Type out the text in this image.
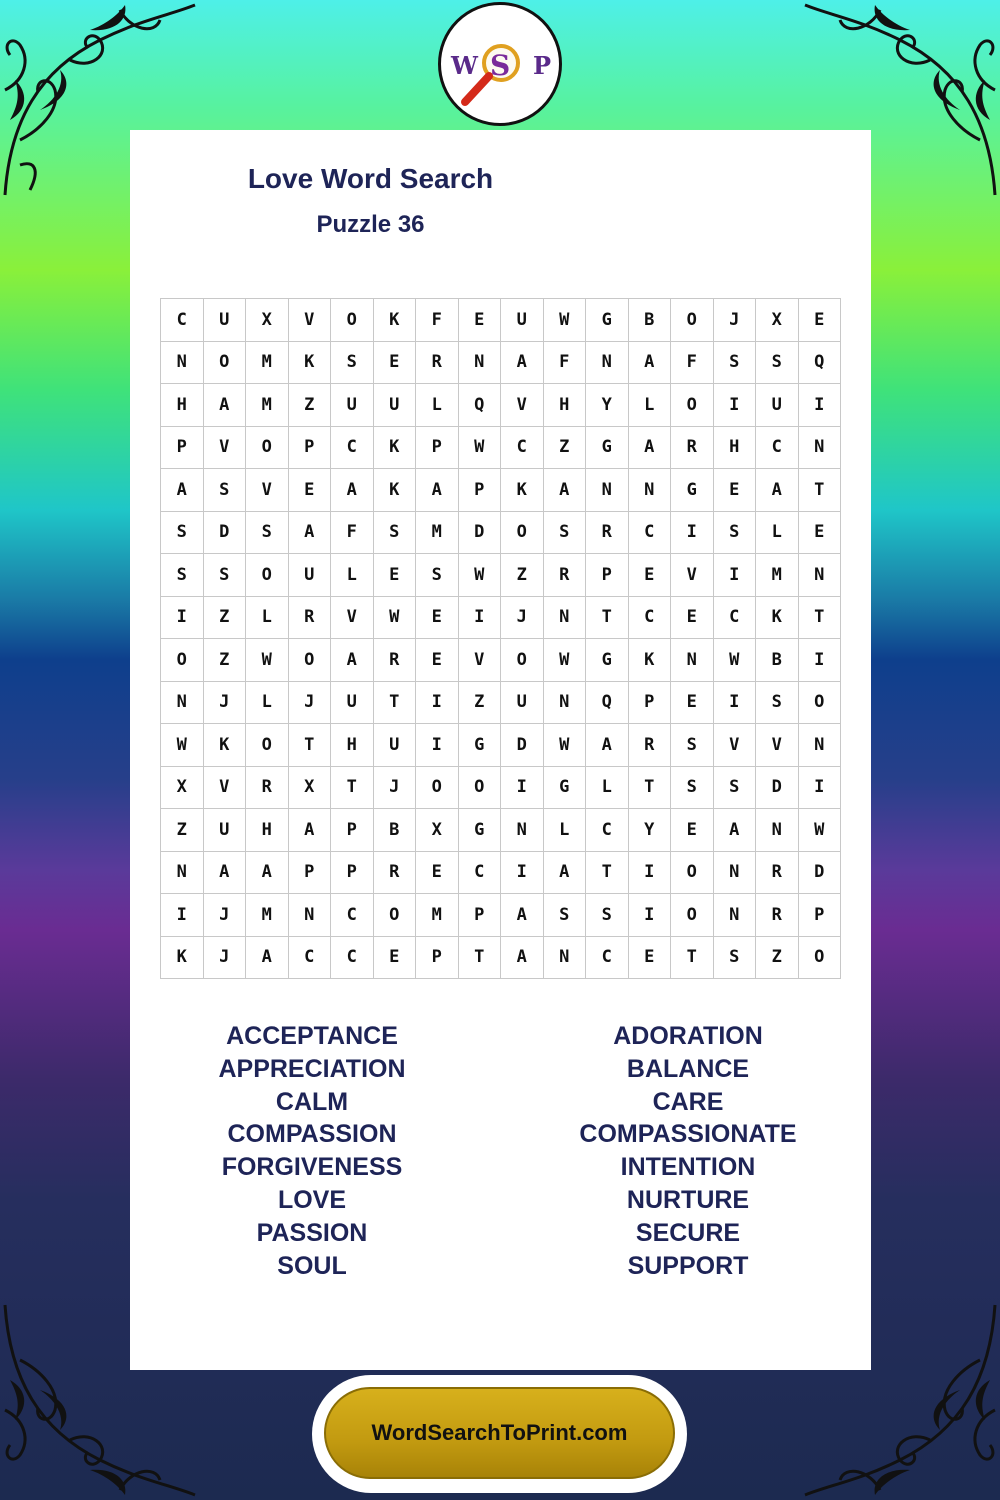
W S P
Love Word Search
Puzzle 36
C	U	X	V	O	K	F	E	U	W	G	B	O	J	X	E
N	O	M	K	S	E	R	N	A	F	N	A	F	S	S	Q
H	A	M	Z	U	U	L	Q	V	H	Y	L	O	I	U	I
P	V	O	P	C	K	P	W	C	Z	G	A	R	H	C	N
A	S	V	E	A	K	A	P	K	A	N	N	G	E	A	T
S	D	S	A	F	S	M	D	O	S	R	C	I	S	L	E
S	S	O	U	L	E	S	W	Z	R	P	E	V	I	M	N
I	Z	L	R	V	W	E	I	J	N	T	C	E	C	K	T
O	Z	W	O	A	R	E	V	O	W	G	K	N	W	B	I
N	J	L	J	U	T	I	Z	U	N	Q	P	E	I	S	O
W	K	O	T	H	U	I	G	D	W	A	R	S	V	V	N
X	V	R	X	T	J	O	O	I	G	L	T	S	S	D	I
Z	U	H	A	P	B	X	G	N	L	C	Y	E	A	N	W
N	A	A	P	P	R	E	C	I	A	T	I	O	N	R	D
I	J	M	N	C	O	M	P	A	S	S	I	O	N	R	P
K	J	A	C	C	E	P	T	A	N	C	E	T	S	Z	O
ACCEPTANCE
APPRECIATION
CALM
COMPASSION
FORGIVENESS
LOVE
PASSION
SOUL
ADORATION
BALANCE
CARE
COMPASSIONATE
INTENTION
NURTURE
SECURE
SUPPORT
WordSearchToPrint.com
